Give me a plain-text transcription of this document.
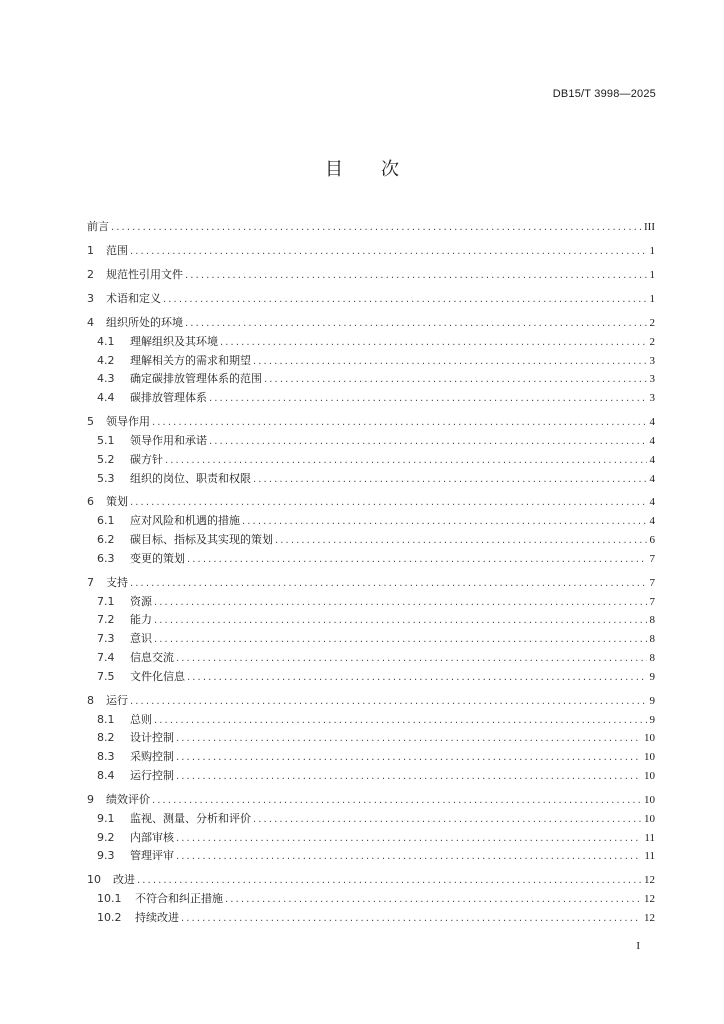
DB15/T 3998—2025
目 次
前言 .....	III
1	范围 .....	1
2	规范性引用文件 .....	1
3	术语和定义 .....	1
4	组织所处的环境 .....	2
4.1	理解组织及其环境 .....	2
4.2	理解相关方的需求和期望 .....	3
4.3	确定碳排放管理体系的范围 .....	3
4.4	碳排放管理体系 .....	3
5	领导作用 .....	4
5.1	领导作用和承诺 .....	4
5.2	碳方针 .....	4
5.3	组织的岗位、职责和权限 .....	4
6	策划 .....	4
6.1	应对风险和机遇的措施 .....	4
6.2	碳目标、指标及其实现的策划 .....	6
6.3	变更的策划 .....	7
7	支持 .....	7
7.1	资源 .....	7
7.2	能力 .....	8
7.3	意识 .....	8
7.4	信息交流 .....	8
7.5	文件化信息 .....	9
8	运行 .....	9
8.1	总则 .....	9
8.2	设计控制 .....	10
8.3	采购控制 .....	10
8.4	运行控制 .....	10
9	绩效评价 .....	10
9.1	监视、测量、分析和评价 .....	10
9.2	内部审核 .....	11
9.3	管理评审 .....	11
10	改进 .....	12
10.1	不符合和纠正措施 .....	12
10.2	持续改进 .....	12
I
